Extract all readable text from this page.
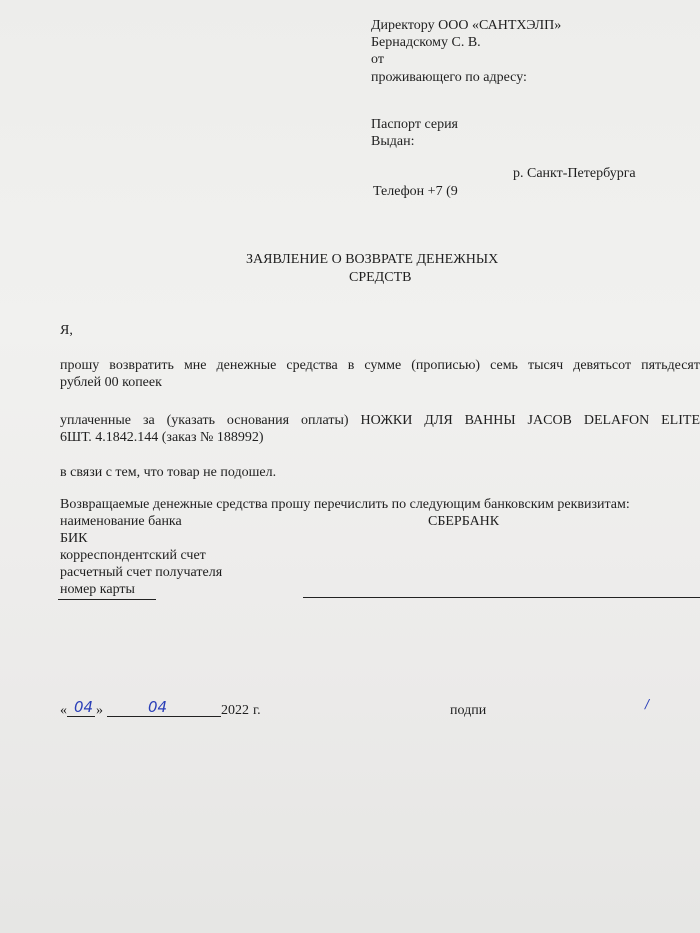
Директору ООО «САНТХЭЛП»
Бернадскому С. В.
от
проживающего по адресу:
Паспорт серия
Выдан:
р. Санкт-Петербурга
Телефон +7 (9
ЗАЯВЛЕНИЕ О ВОЗВРАТЕ ДЕНЕЖНЫХ
СРЕДСТВ
Я,
прошу возвратить мне денежные средства в сумме (прописью) семь тысяч девятьсот пятьдесят
рублей 00 копеек
уплаченные за (указать основания оплаты) НОЖКИ ДЛЯ ВАННЫ JACOB DELAFON ELITE
6ШТ. 4.1842.144 (заказ № 188992)
в связи с тем, что товар не подошел.
Возвращаемые денежные средства прошу перечислить по следующим банковским реквизитам:
наименование банка	СБЕРБАНК
БИК
корреспондентский счет
расчетный счет получателя
номер карты
« 04 »	04	2022 г.	подпи	/
